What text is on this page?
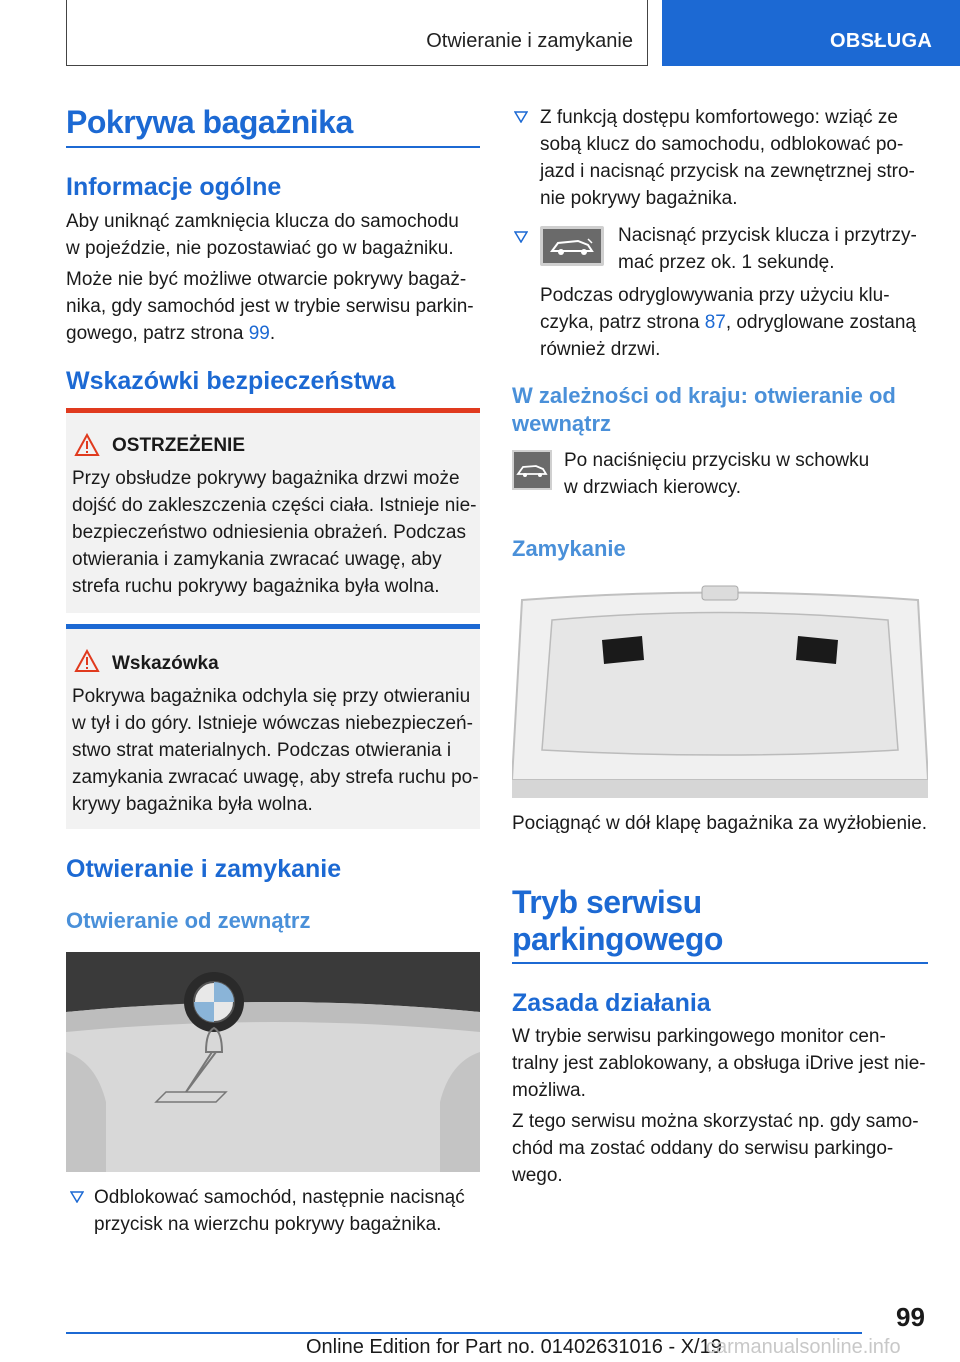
Otwieranie i zamykanie	OBSŁUGA
Pokrywa bagażnika
Informacje ogólne
Aby uniknąć zamknięcia klucza do samochodu
w pojeździe, nie pozostawiać go w bagażniku.
Może nie być możliwe otwarcie pokrywy bagaż-
nika, gdy samochód jest w trybie serwisu parkin-
gowego, patrz strona 99.
Wskazówki bezpieczeństwa
OSTRZEŻENIE
Przy obsłudze pokrywy bagażnika drzwi może
dojść do zakleszczenia części ciała. Istnieje nie-
bezpieczeństwo odniesienia obrażeń. Podczas
otwierania i zamykania zwracać uwagę, aby
strefa ruchu pokrywy bagażnika była wolna.
Wskazówka
Pokrywa bagażnika odchyla się przy otwieraniu
w tył i do góry. Istnieje wówczas niebezpieczeń-
stwo strat materialnych. Podczas otwierania i
zamykania zwracać uwagę, aby strefa ruchu po-
krywy bagażnika była wolna.
Otwieranie i zamykanie
Otwieranie od zewnątrz
Odblokować samochód, następnie nacisnąć
przycisk na wierzchu pokrywy bagażnika.
Z funkcją dostępu komfortowego: wziąć ze
sobą klucz do samochodu, odblokować po-
jazd i nacisnąć przycisk na zewnętrznej stro-
nie pokrywy bagażnika.
Nacisnąć przycisk klucza i przytrzy-
mać przez ok. 1 sekundę.
Podczas odryglowywania przy użyciu klu-
czyka, patrz strona 87, odryglowane zostaną
również drzwi.
W zależności od kraju: otwieranie od
wewnątrz
Po naciśnięciu przycisku w schowku
w drzwiach kierowcy.
Zamykanie
Pociągnąć w dół klapę bagażnika za wyżłobienie.
Tryb serwisu
parkingowego
Zasada działania
W trybie serwisu parkingowego monitor cen-
tralny jest zablokowany, a obsługa iDrive jest nie-
możliwa.
Z tego serwisu można skorzystać np. gdy samo-
chód ma zostać oddany do serwisu parkingo-
wego.
99
Online Edition for Part no. 01402631016 - X/19
carmanualsonline.info
